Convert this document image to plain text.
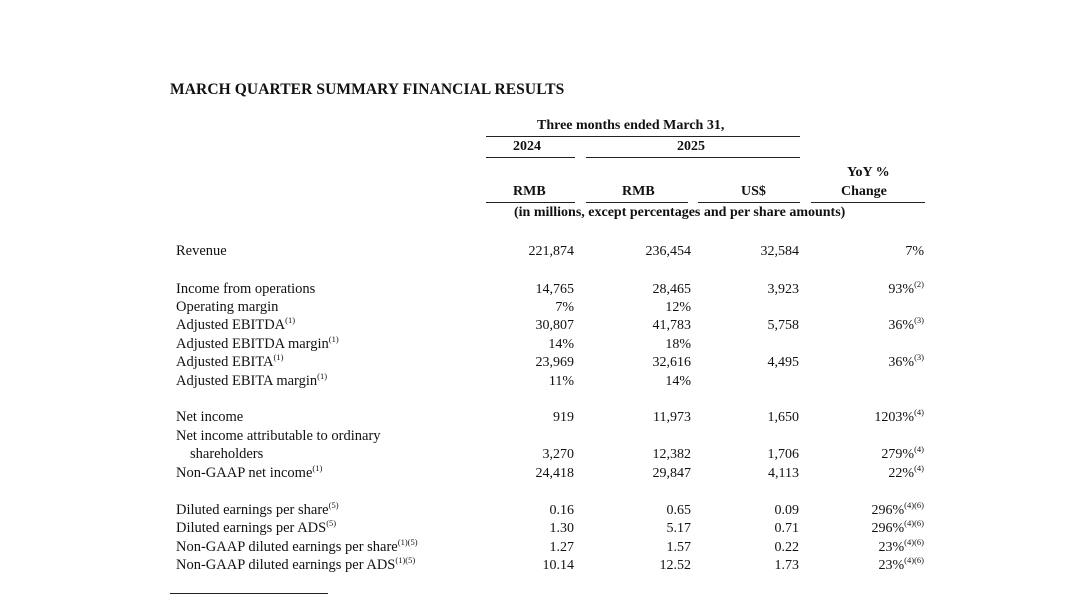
MARCH QUARTER SUMMARY FINANCIAL RESULTS
Three months ended March 31,
2024	2025
YoY %
RMB	RMB	US$	Change
(in millions, except percentages and per share amounts)
Revenue	221,874	236,454	32,584	7%
Income from operations	14,765	28,465	3,923	93%$^{(2)}$
Operating margin	7%	12%
Adjusted EBITDA$^{(1)}$	30,807	41,783	5,758	36%$^{(3)}$
Adjusted EBITDA margin$^{(1)}$	14%	18%
Adjusted EBITA$^{(1)}$	23,969	32,616	4,495	36%$^{(3)}$
Adjusted EBITA margin$^{(1)}$	11%	14%
Net income	919	11,973	1,650	1203%$^{(4)}$
Net income attributable to ordinary
shareholders	3,270	12,382	1,706	279%$^{(4)}$
Non-GAAP net income$^{(1)}$	24,418	29,847	4,113	22%$^{(4)}$
Diluted earnings per share$^{(5)}$	0.16	0.65	0.09	296%$^{(4)(6)}$
Diluted earnings per ADS$^{(5)}$	1.30	5.17	0.71	296%$^{(4)(6)}$
Non-GAAP diluted earnings per share$^{(1)(5)}$	1.27	1.57	0.22	23%$^{(4)(6)}$
Non-GAAP diluted earnings per $ADS^{(1)(5)}$	10.14	12.52	1.73	23%$^{(4)(6)}$
